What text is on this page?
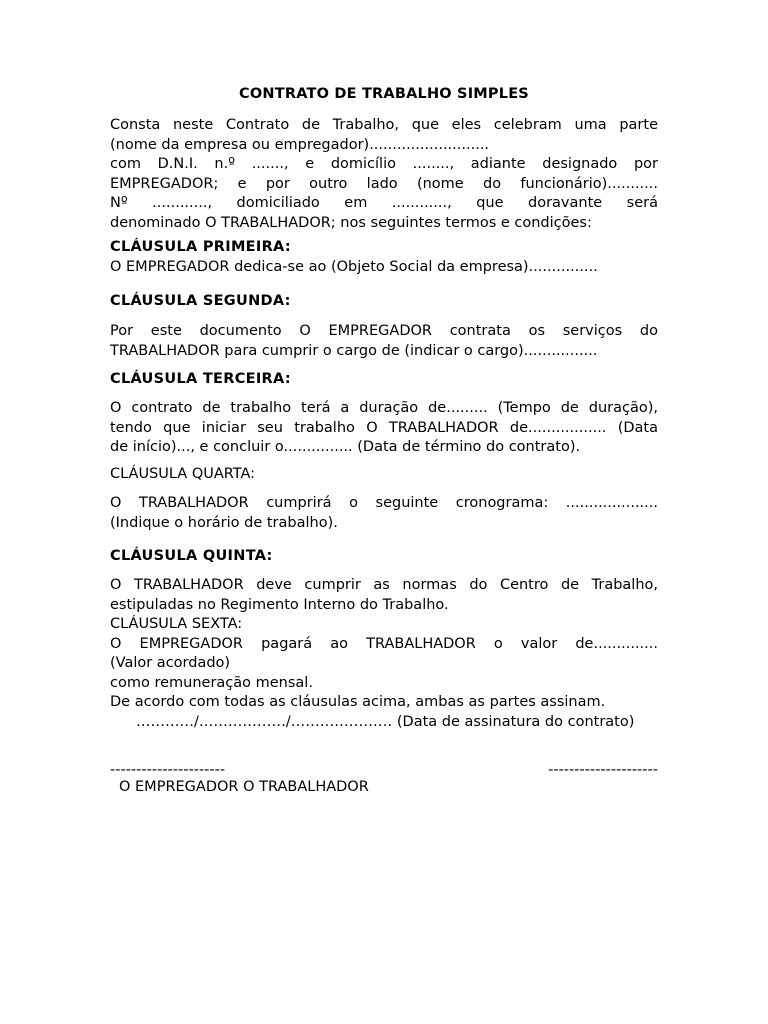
CONTRATO DE TRABALHO SIMPLES
Consta neste Contrato de Trabalho, que eles celebram uma parte
(nome da empresa ou empregador)..........................
com D.N.I. n.º ......., e domicílio ........, adiante designado por
EMPREGADOR; e por outro lado (nome do funcionário)...........
Nº ............, domiciliado em ............, que doravante será
denominado O TRABALHADOR; nos seguintes termos e condições:
CLÁUSULA PRIMEIRA:
O EMPREGADOR dedica-se ao (Objeto Social da empresa)...............
CLÁUSULA SEGUNDA:
Por este documento O EMPREGADOR contrata os serviços do
TRABALHADOR para cumprir o cargo de (indicar o cargo)................
CLÁUSULA TERCEIRA:
O contrato de trabalho terá a duração de......... (Tempo de duração),
tendo que iniciar seu trabalho O TRABALHADOR de................. (Data
de início)..., e concluir o............... (Data de término do contrato).
CLÁUSULA QUARTA:
O TRABALHADOR cumprirá o seguinte cronograma: ....................
(Indique o horário de trabalho).
CLÁUSULA QUINTA:
O TRABALHADOR deve cumprir as normas do Centro de Trabalho,
estipuladas no Regimento Interno do Trabalho.
CLÁUSULA SEXTA:
O EMPREGADOR pagará ao TRABALHADOR o valor de..............
(Valor acordado)
como remuneração mensal.
De acordo com todas as cláusulas acima, ambas as partes assinam.
…………/………………/………………… (Data de assinatura do contrato)
----------------------	---------------------
O EMPREGADOR O TRABALHADOR
